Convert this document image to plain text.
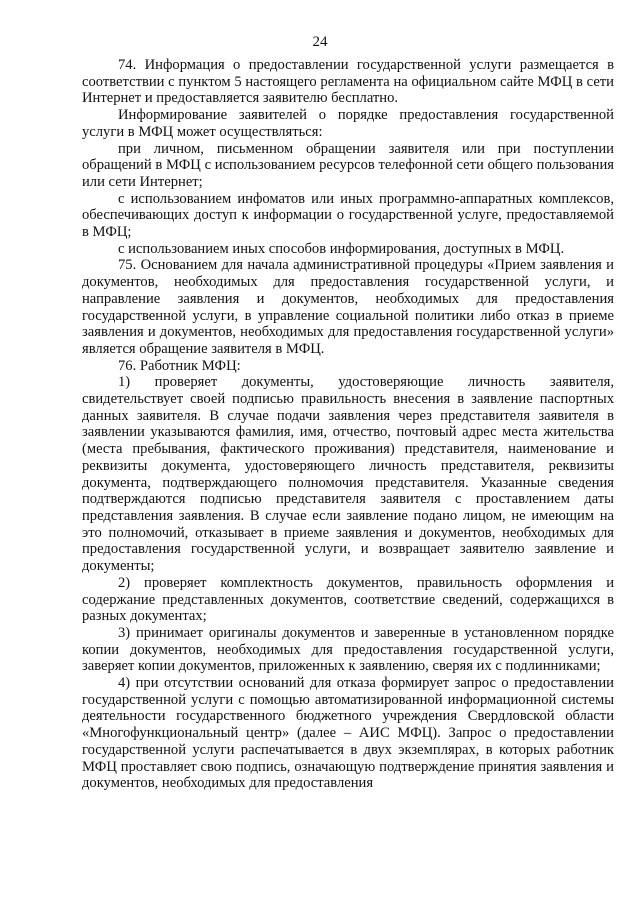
24

74. Информация о предоставлении государственной услуги размещается в соответствии с пунктом 5 настоящего регламента на официальном сайте МФЦ в сети Интернет и предоставляется заявителю бесплатно.

Информирование заявителей о порядке предоставления государственной услуги в МФЦ может осуществляться:

при личном, письменном обращении заявителя или при поступлении обращений в МФЦ с использованием ресурсов телефонной сети общего пользования или сети Интернет;

с использованием инфоматов или иных программно-аппаратных комплексов, обеспечивающих доступ к информации о государственной услуге, предоставляемой в МФЦ;

с использованием иных способов информирования, доступных в МФЦ.

75. Основанием для начала административной процедуры «Прием заявления и документов, необходимых для предоставления государственной услуги, и направление заявления и документов, необходимых для предоставления государственной услуги, в управление социальной политики либо отказ в приеме заявления и документов, необходимых для предоставления государственной услуги» является обращение заявителя в МФЦ.

76. Работник МФЦ:

1) проверяет документы, удостоверяющие личность заявителя, свидетельствует своей подписью правильность внесения в заявление паспортных данных заявителя. В случае подачи заявления через представителя заявителя в заявлении указываются фамилия, имя, отчество, почтовый адрес места жительства (места пребывания, фактического проживания) представителя, наименование и реквизиты документа, удостоверяющего личность представителя, реквизиты документа, подтверждающего полномочия представителя. Указанные сведения подтверждаются подписью представителя заявителя с проставлением даты представления заявления. В случае если заявление подано лицом, не имеющим на это полномочий, отказывает в приеме заявления и документов, необходимых для предоставления государственной услуги, и возвращает заявителю заявление и документы;

2) проверяет комплектность документов, правильность оформления и содержание представленных документов, соответствие сведений, содержащихся в разных документах;

3) принимает оригиналы документов и заверенные в установленном порядке копии документов, необходимых для предоставления государственной услуги, заверяет копии документов, приложенных к заявлению, сверяя их с подлинниками;

4) при отсутствии оснований для отказа формирует запрос о предоставлении государственной услуги с помощью автоматизированной информационной системы деятельности государственного бюджетного учреждения Свердловской области «Многофункциональный центр» (далее – АИС МФЦ). Запрос о предоставлении государственной услуги распечатывается в двух экземплярах, в которых работник МФЦ проставляет свою подпись, означающую подтверждение принятия заявления и документов, необходимых для предоставления
